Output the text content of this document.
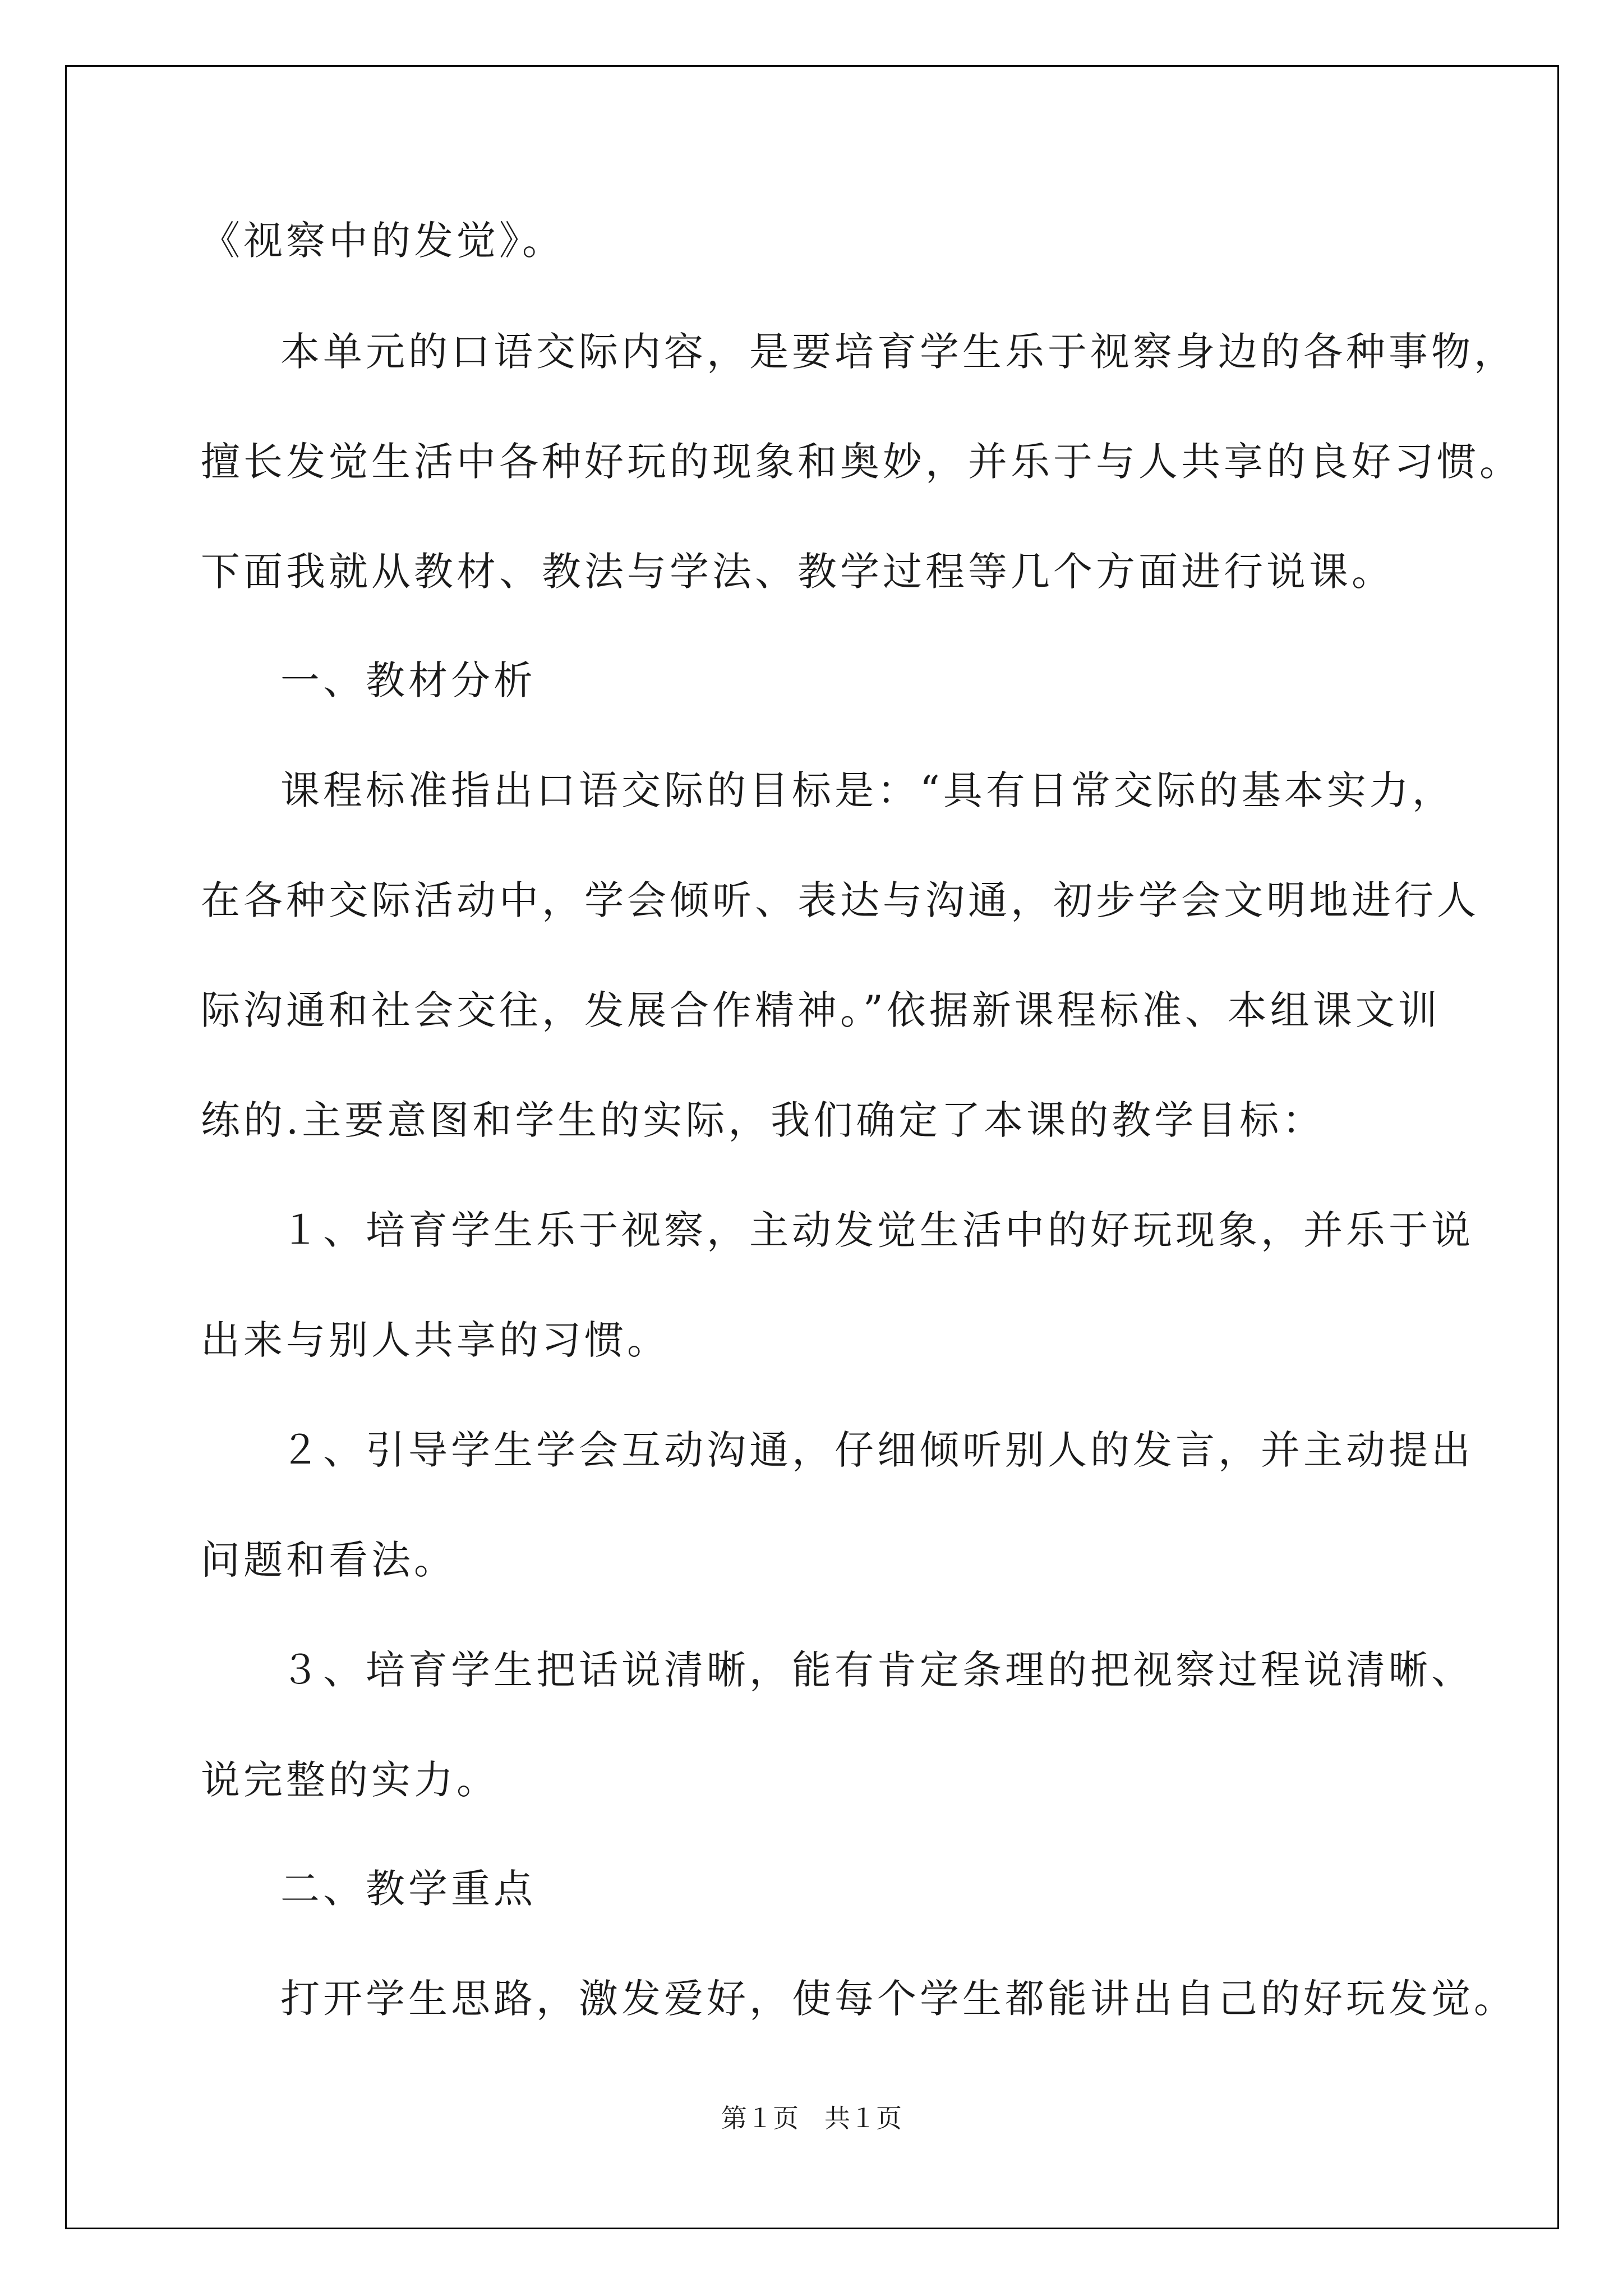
《视察中的发觉》。
本单元的口语交际内容，是要培育学生乐于视察身边的各种事物，
擅长发觉生活中各种好玩的现象和奥妙，并乐于与人共享的良好习惯。
下面我就从教材、教法与学法、教学过程等几个方面进行说课。
一、教材分析
课程标准指出口语交际的目标是：“具有日常交际的基本实力，
在各种交际活动中，学会倾听、表达与沟通，初步学会文明地进行人
际沟通和社会交往，发展合作精神。”依据新课程标准、本组课文训
练的.主要意图和学生的实际，我们确定了本课的教学目标：
１、培育学生乐于视察，主动发觉生活中的好玩现象，并乐于说
出来与别人共享的习惯。
２、引导学生学会互动沟通，仔细倾听别人的发言，并主动提出
问题和看法。
３、培育学生把话说清晰，能有肯定条理的把视察过程说清晰、
说完整的实力。
二、教学重点
打开学生思路，激发爱好，使每个学生都能讲出自己的好玩发觉。
第１页 共１页
